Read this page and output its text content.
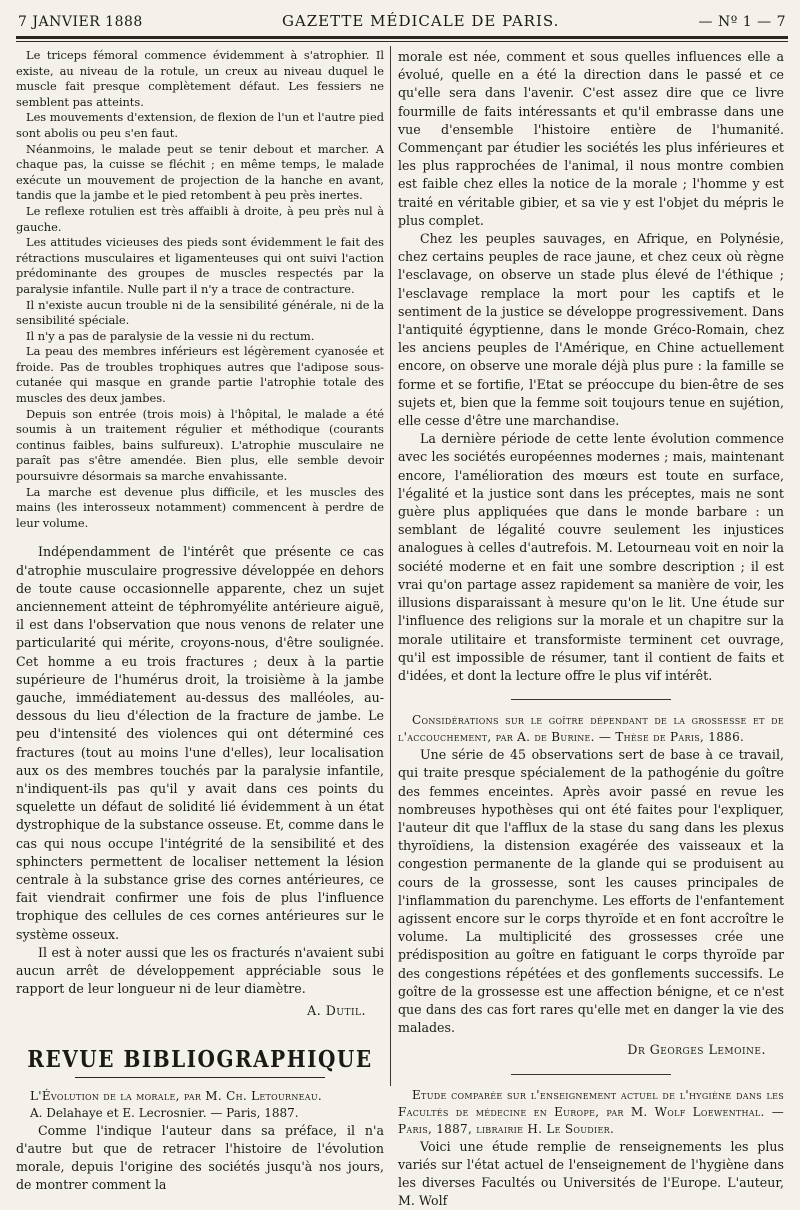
7 JANVIER 1888	GAZETTE MÉDICALE DE PARIS.	— Nº 1 — 7

Le triceps fémoral commence évidemment à s'atrophier. Il existe, au niveau de la rotule, un creux au niveau duquel le muscle fait presque complètement défaut. Les fessiers ne semblent pas atteints.

Les mouvements d'extension, de flexion de l'un et l'autre pied sont abolis ou peu s'en faut.

Néanmoins, le malade peut se tenir debout et marcher. A chaque pas, la cuisse se fléchit ; en même temps, le malade exécute un mouvement de projection de la hanche en avant, tandis que la jambe et le pied retombent à peu près inertes.

Le reflexe rotulien est très affaibli à droite, à peu près nul à gauche.

Les attitudes vicieuses des pieds sont évidemment le fait des rétractions musculaires et ligamenteuses qui ont suivi l'action prédominante des groupes de muscles respectés par la paralysie infantile. Nulle part il n'y a trace de contracture.

Il n'existe aucun trouble ni de la sensibilité générale, ni de la sensibilité spéciale.

Il n'y a pas de paralysie de la vessie ni du rectum.

La peau des membres inférieurs est légèrement cyanosée et froide. Pas de troubles trophiques autres que l'adipose sous-cutanée qui masque en grande partie l'atrophie totale des muscles des deux jambes.

Depuis son entrée (trois mois) à l'hôpital, le malade a été soumis à un traitement régulier et méthodique (courants continus faibles, bains sulfureux). L'atrophie musculaire ne paraît pas s'être amendée. Bien plus, elle semble devoir poursuivre désormais sa marche envahissante.

La marche est devenue plus difficile, et les muscles des mains (les interosseux notamment) commencent à perdre de leur volume.

Indépendamment de l'intérêt que présente ce cas d'atrophie musculaire progressive développée en dehors de toute cause occasionnelle apparente, chez un sujet anciennement atteint de téphromyélite antérieure aiguë, il est dans l'observation que nous venons de relater une particularité qui mérite, croyons-nous, d'être soulignée. Cet homme a eu trois fractures ; deux à la partie supérieure de l'humérus droit, la troisième à la jambe gauche, immédiatement au-dessus des malléoles, au-dessous du lieu d'élection de la fracture de jambe. Le peu d'intensité des violences qui ont déterminé ces fractures (tout au moins l'une d'elles), leur localisation aux os des membres touchés par la paralysie infantile, n'indiquent-ils pas qu'il y avait dans ces points du squelette un défaut de solidité lié évidemment à un état dystrophique de la substance osseuse. Et, comme dans le cas qui nous occupe l'intégrité de la sensibilité et des sphincters permettent de localiser nettement la lésion centrale à la substance grise des cornes antérieures, ce fait viendrait confirmer une fois de plus l'influence trophique des cellules de ces cornes antérieures sur le système osseux.

Il est à noter aussi que les os fracturés n'avaient subi aucun arrêt de développement appréciable sous le rapport de leur longueur ni de leur diamètre.

A. Dutil.

REVUE BIBLIOGRAPHIQUE

L'Évolution de la morale, par M. Ch. Letourneau.

A. Delahaye et E. Lecrosnier. — Paris, 1887.

Comme l'indique l'auteur dans sa préface, il n'a d'autre but que de retracer l'histoire de l'évolution morale, depuis l'origine des sociétés jusqu'à nos jours, de montrer comment la

morale est née, comment et sous quelles influences elle a évolué, quelle en a été la direction dans le passé et ce qu'elle sera dans l'avenir. C'est assez dire que ce livre fourmille de faits intéressants et qu'il embrasse dans une vue d'ensemble l'histoire entière de l'humanité. Commençant par étudier les sociétés les plus inférieures et les plus rapprochées de l'animal, il nous montre combien est faible chez elles la notice de la morale ; l'homme y est traité en véritable gibier, et sa vie y est l'objet du mépris le plus complet.

Chez les peuples sauvages, en Afrique, en Polynésie, chez certains peuples de race jaune, et chez ceux où règne l'esclavage, on observe un stade plus élevé de l'éthique ; l'esclavage remplace la mort pour les captifs et le sentiment de la justice se développe progressivement. Dans l'antiquité égyptienne, dans le monde Gréco-Romain, chez les anciens peuples de l'Amérique, en Chine actuellement encore, on observe une morale déjà plus pure : la famille se forme et se fortifie, l'Etat se préoccupe du bien-être de ses sujets et, bien que la femme soit toujours tenue en sujétion, elle cesse d'être une marchandise.

La dernière période de cette lente évolution commence avec les sociétés européennes modernes ; mais, maintenant encore, l'amélioration des mœurs est toute en surface, l'égalité et la justice sont dans les préceptes, mais ne sont guère plus appliquées que dans le monde barbare : un semblant de légalité couvre seulement les injustices analogues à celles d'autrefois. M. Letourneau voit en noir la société moderne et en fait une sombre description ; il est vrai qu'on partage assez rapidement sa manière de voir, les illusions disparaissant à mesure qu'on le lit. Une étude sur l'influence des religions sur la morale et un chapitre sur la morale utilitaire et transformiste terminent cet ouvrage, qu'il est impossible de résumer, tant il contient de faits et d'idées, et dont la lecture offre le plus vif intérêt.

Considérations sur le goître dépendant de la grossesse et de l'accouchement, par A. de Burine. — Thèse de Paris, 1886.

Une série de 45 observations sert de base à ce travail, qui traite presque spécialement de la pathogénie du goître des femmes enceintes. Après avoir passé en revue les nombreuses hypothèses qui ont été faites pour l'expliquer, l'auteur dit que l'afflux de la stase du sang dans les plexus thyroïdiens, la distension exagérée des vaisseaux et la congestion permanente de la glande qui se produisent au cours de la grossesse, sont les causes principales de l'inflammation du parenchyme. Les efforts de l'enfantement agissent encore sur le corps thyroïde et en font accroître le volume. La multiplicité des grossesses crée une prédisposition au goître en fatiguant le corps thyroïde par des congestions répétées et des gonflements successifs. Le goître de la grossesse est une affection bénigne, et ce n'est que dans des cas fort rares qu'elle met en danger la vie des malades.

Dr Georges Lemoine.

Etude comparée sur l'enseignement actuel de l'hygiène dans les Facultés de médecine en Europe, par M. Wolf Loewenthal. — Paris, 1887, librairie H. Le Soudier.

Voici une étude remplie de renseignements les plus variés sur l'état actuel de l'enseignement de l'hygiène dans les diverses Facultés ou Universités de l'Europe. L'auteur, M. Wolf
